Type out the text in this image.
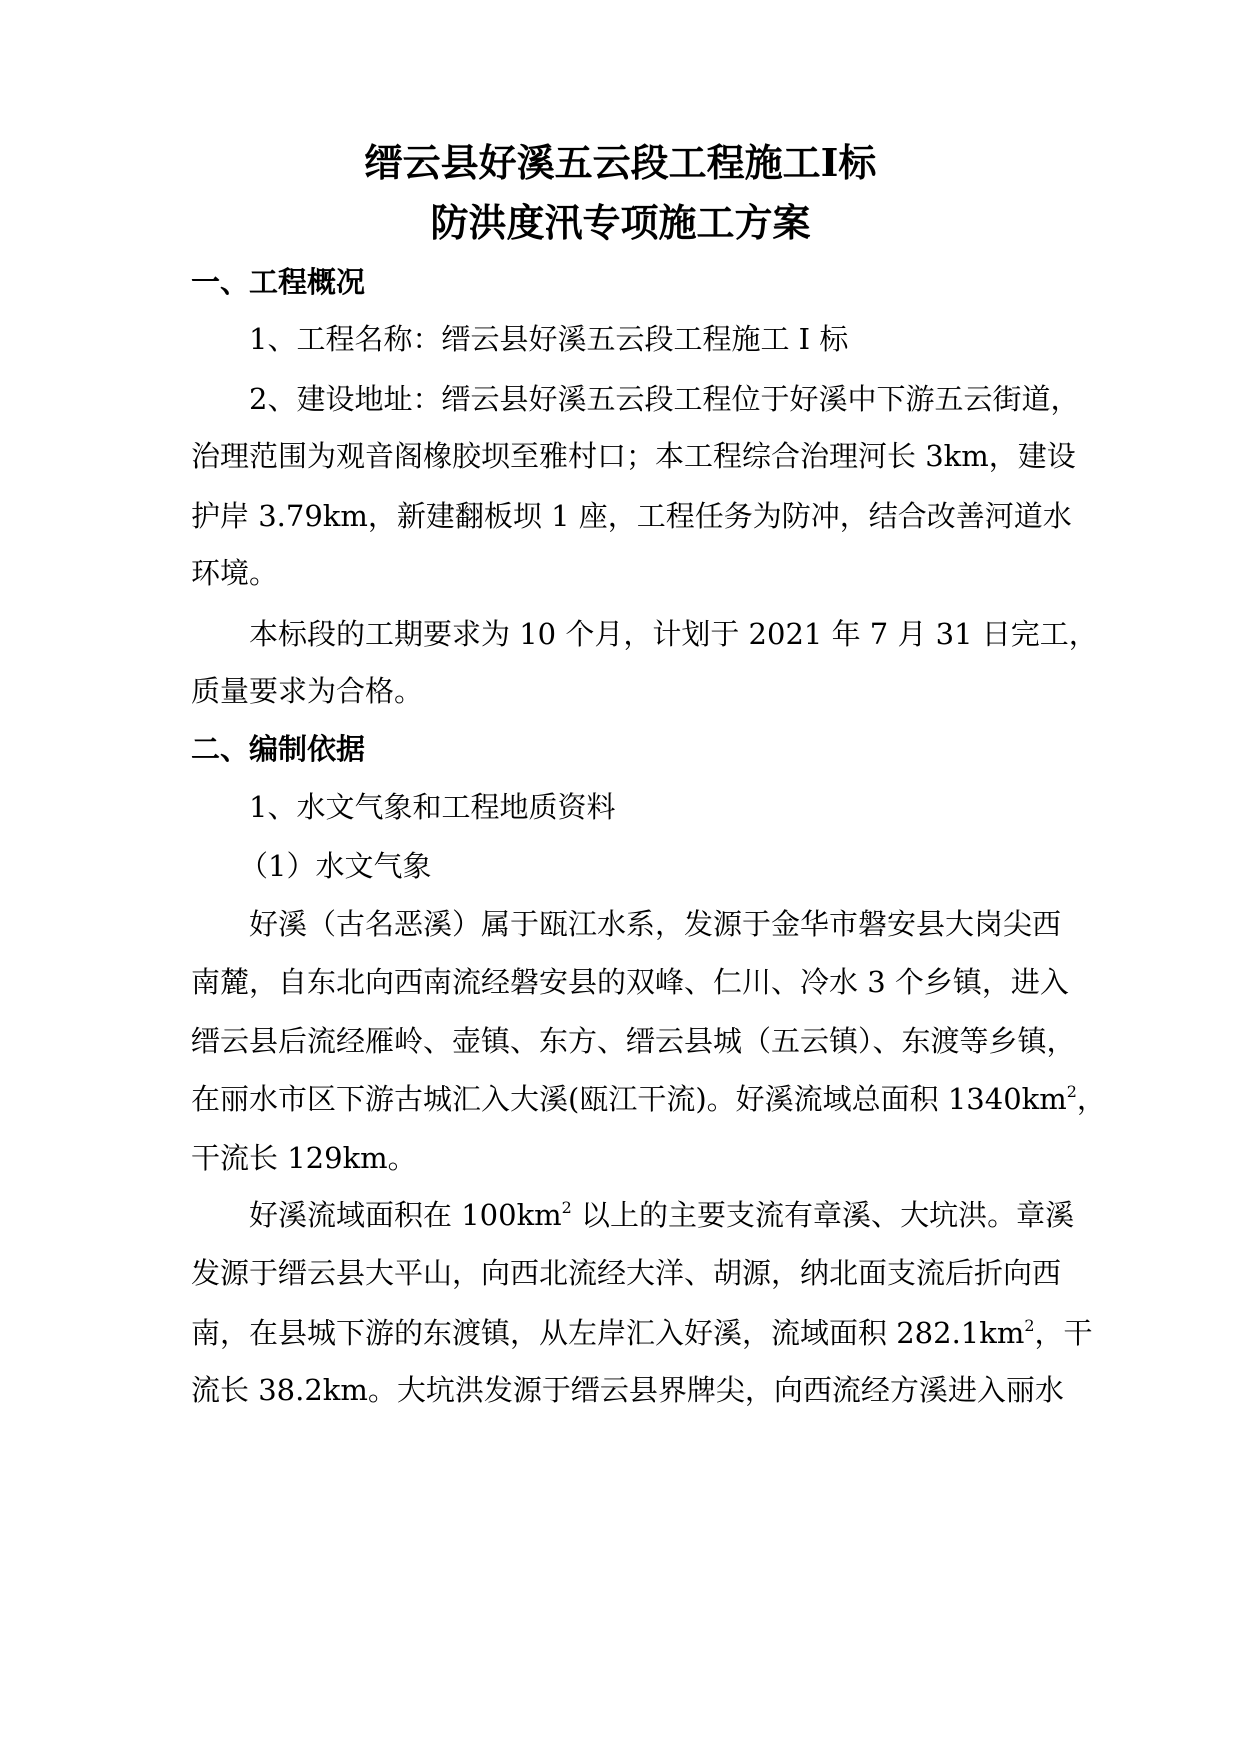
缙云县好溪五云段工程施工Ⅰ标
防洪度汛专项施工方案
一、工程概况
1、工程名称：缙云县好溪五云段工程施工 I 标
2、建设地址：缙云县好溪五云段工程位于好溪中下游五云街道，
治理范围为观音阁橡胶坝至雅村口；本工程综合治理河长 3km，建设
护岸 3.79km，新建翻板坝 1 座，工程任务为防冲，结合改善河道水
环境。
本标段的工期要求为 10 个月，计划于 2021 年 7 月 31 日完工，
质量要求为合格。
二、编制依据
1、水文气象和工程地质资料
（1）水文气象
好溪（古名恶溪）属于瓯江水系，发源于金华市磐安县大岗尖西
南麓，自东北向西南流经磐安县的双峰、仁川、冷水 3 个乡镇，进入
缙云县后流经雁岭、壶镇、东方、缙云县城（五云镇）、东渡等乡镇，
在丽水市区下游古城汇入大溪(瓯江干流)。好溪流域总面积 $1340km^2$，
干流长 129km。
好溪流域面积在 $100km^2$ 以上的主要支流有章溪、大坑洪。章溪
发源于缙云县大平山，向西北流经大洋、胡源，纳北面支流后折向西
南，在县城下游的东渡镇，从左岸汇入好溪，流域面积 $282.1km^2$，干
流长 38.2km。大坑洪发源于缙云县界牌尖，向西流经方溪进入丽水
